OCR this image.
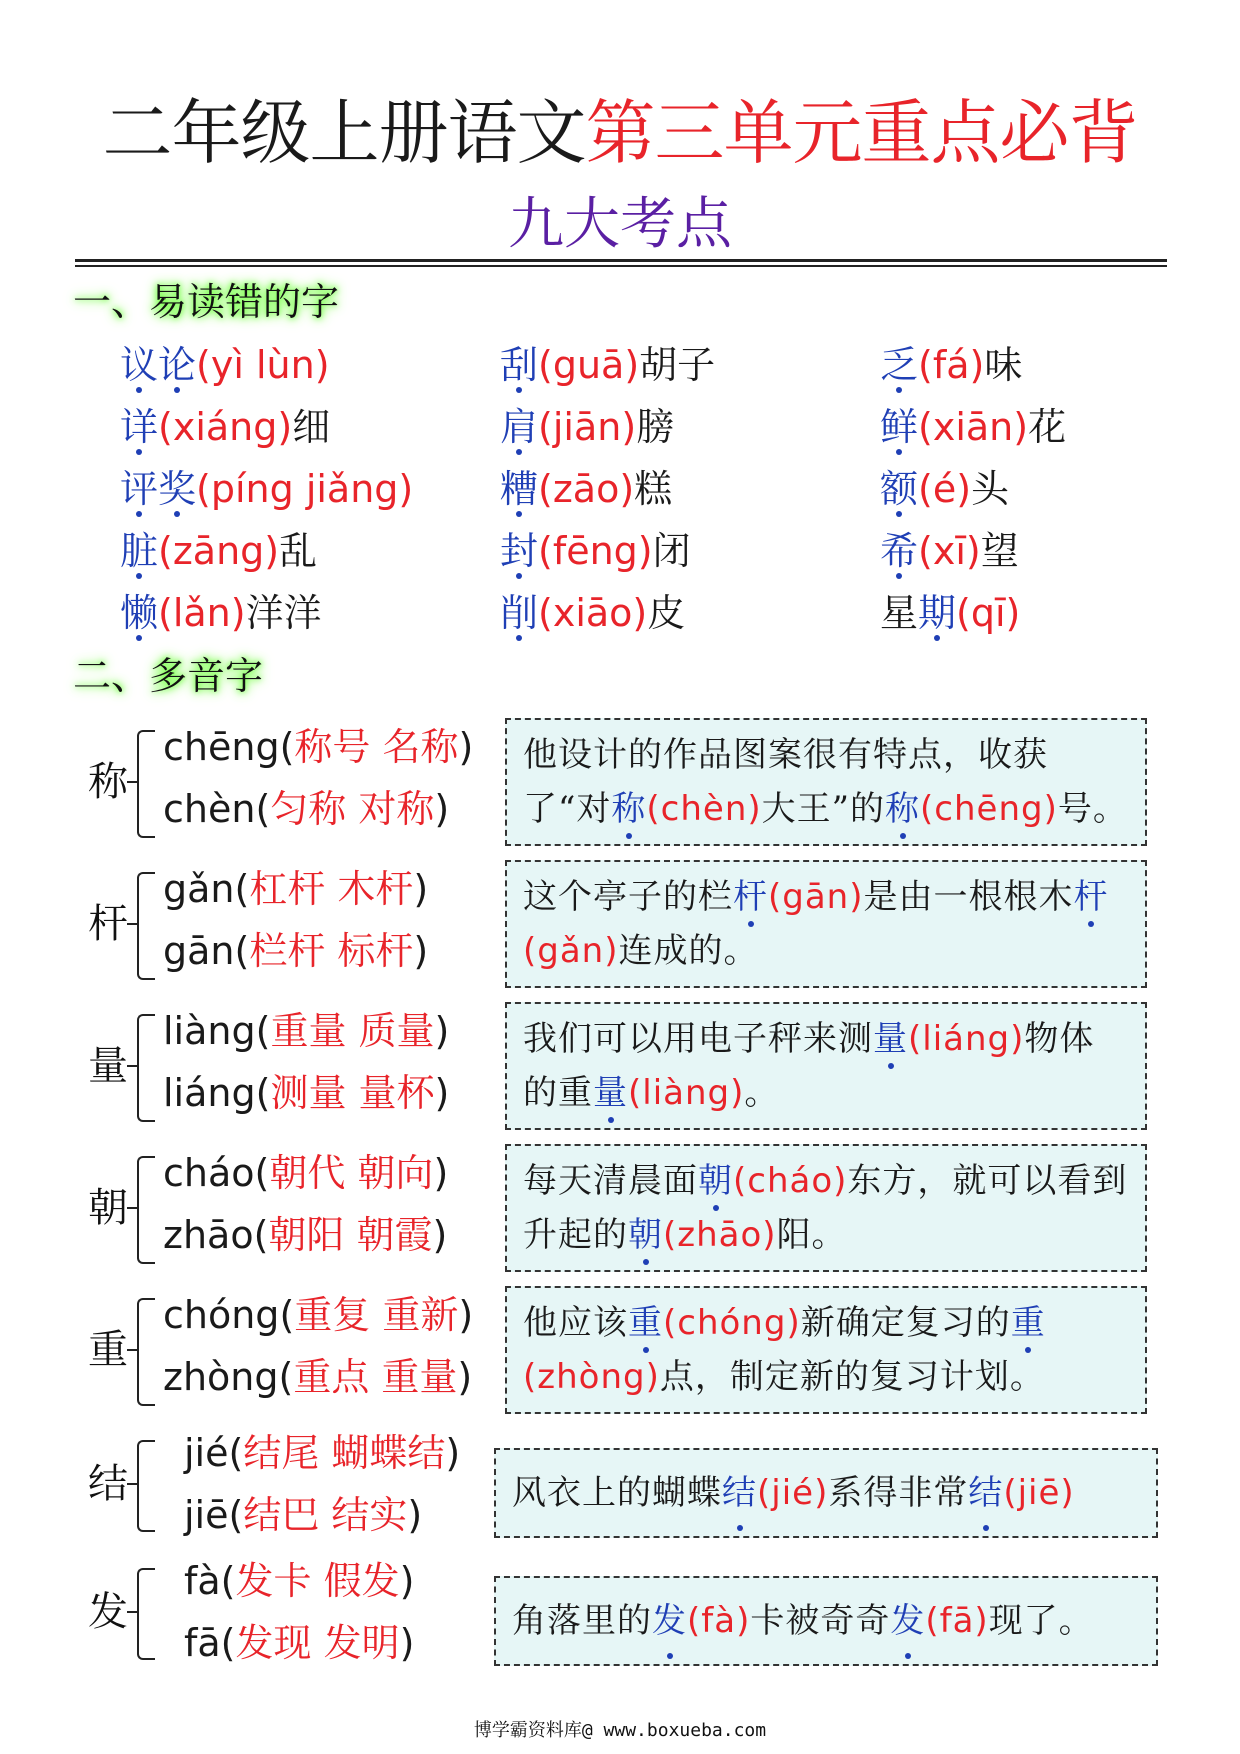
二年级上册语文第三单元重点必背
九大考点
一、易读错的字
议论(yì lùn)	刮(guā)胡子	乏(fá)味
详(xiáng)细	肩(jiān)膀	鲜(xiān)花
评奖(píng jiǎng) 糟(zāo)糕	额(é)头
脏(zāng)乱	封(fēng)闭	希(xī)望
懒(lǎn)洋洋	削(xiāo)皮	星期(qī)
二、多音字
称
chēng(称号 名称)
chèn(匀称 对称)
他设计的作品图案很有特点，收获了“对称(chèn)大王”的称(chēng)号。
杆
gǎn(杠杆 木杆)
gān(栏杆 标杆)
这个亭子的栏杆(gān)是由一根根木杆(gǎn)连成的。
量
liàng(重量 质量)
liáng(测量 量杯)
我们可以用电子秤来测量(liáng)物体的重量(liàng)。
朝
cháo(朝代 朝向)
zhāo(朝阳 朝霞)
每天清晨面朝(cháo)东方，就可以看到升起的朝(zhāo)阳。
重
chóng(重复 重新)
zhòng(重点 重量)
他应该重(chóng)新确定复习的重(zhòng)点，制定新的复习计划。
结
jié(结尾 蝴蝶结)
jiē(结巴 结实)	风衣上的蝴蝶结(jié)系得非常结(jiē)
发
fà(发卡 假发)
fā(发现 发明)	角落里的发(fà)卡被奇奇发(fā)现了。
博学霸资料库@ www.boxueba.com
